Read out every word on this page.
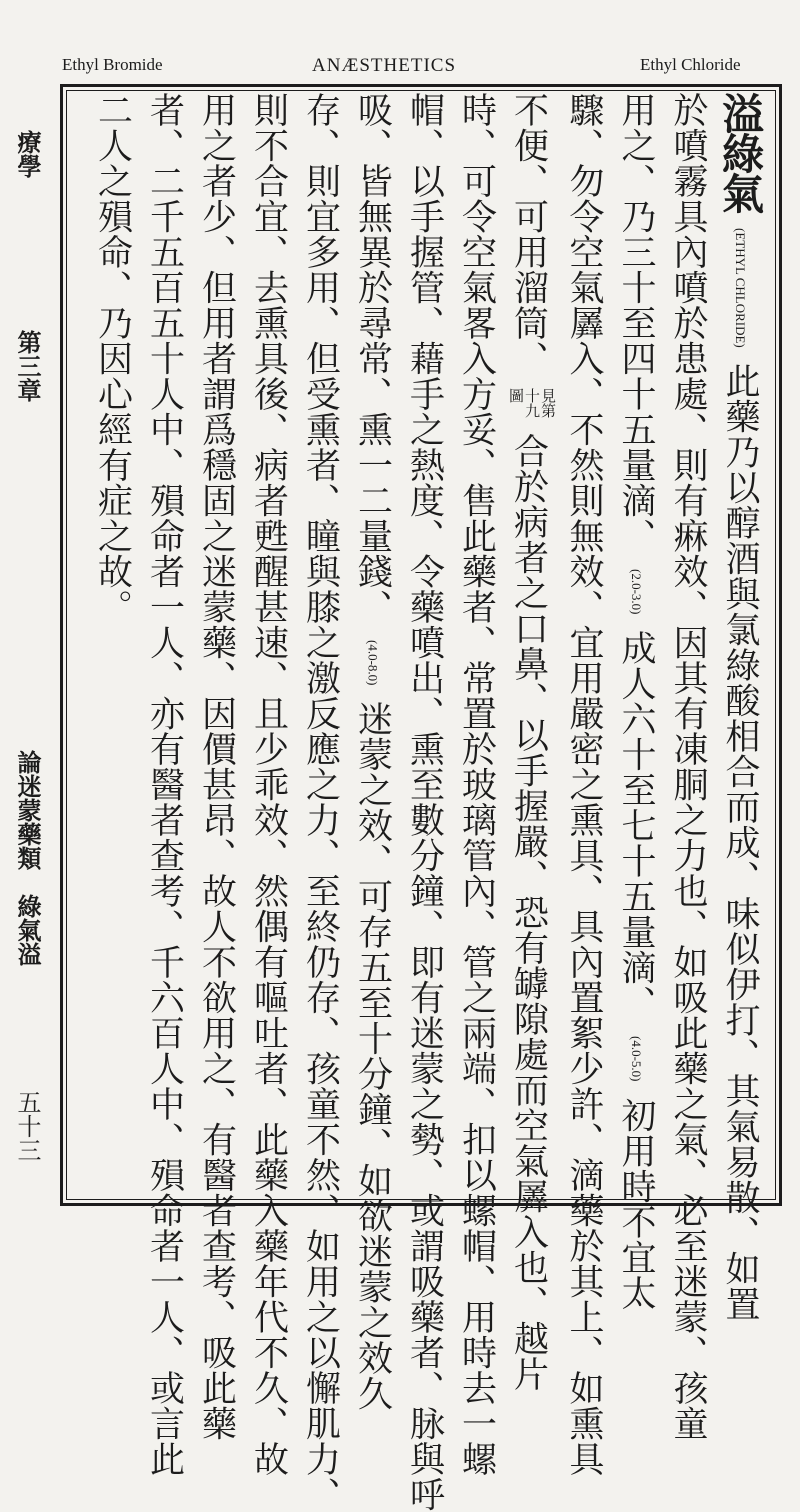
Ethyl Bromide	ANÆSTHETICS	Ethyl Chloride
療學
第三章
論迷蒙藥類　綠氣溢
五十三
溢綠氣 (ETHYL CHLORIDE) 此藥乃以醇酒與氯綠酸相合而成、味似伊打、其氣易散、如置
於噴霧具內噴於患處、則有痳效、因其有凍胴之力也、如吸此藥之氣、必至迷蒙、孩童
用之、乃三十至四十五量滴、 (2.0-3.0) 成人六十至七十五量滴、 (4.0-5.0) 初用時不宜太
驟、勿令空氣羼入、不然則無效、宜用嚴密之熏具、具內置絮少許、滴藥於其上、如熏具
不便、可用溜筒、 見第十九圖 合於病者之口鼻、以手握嚴、恐有罅隙處而空氣羼入也、越片
時、可令空氣畧入方妥、售此藥者、常置於玻璃管內、管之兩端、扣以螺帽、用時去一螺
帽、以手握管、藉手之熱度、令藥噴出、熏至數分鐘、即有迷蒙之勢、或謂吸藥者、脉與呼
吸、皆無異於尋常、熏一二量錢、 (4.0-8.0) 迷蒙之效、可存五至十分鐘、如欲迷蒙之效久
存、則宜多用、但受熏者、瞳與膝之激反應之力、至終仍存、孩童不然、如用之以懈肌力、
則不合宜、去熏具後、病者甦醒甚速、且少乖效、然偶有嘔吐者、此藥入藥年代不久、故
用之者少、但用者謂爲穩固之迷蒙藥、因價甚昂、故人不欲用之、有醫者查考、吸此藥
者、二千五百五十人中、殞命者一人、亦有醫者查考、千六百人中、殞命者一人、或言此
二人之殞命、乃因心經有症之故。
